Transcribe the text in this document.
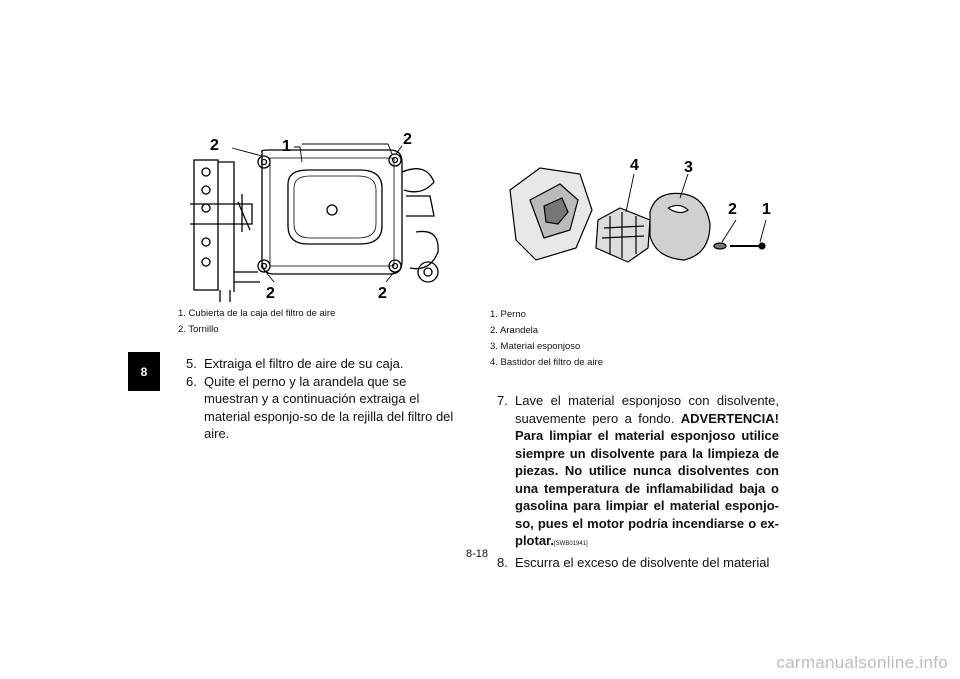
8
2	1	2
2	2
1. Cubierta de la caja del filtro de aire
2. Tornillo
4	3
2 1
1. Perno
2. Arandela
3. Material esponjoso
4. Bastidor del filtro de aire
5. Extraiga el filtro de aire de su caja.
6. Quite el perno y la arandela que se muestran y a continuación extraiga el material esponjo-so de la rejilla del filtro del aire.
7. Lave el material esponjoso con disolvente, suavemente pero a fondo. ADVERTENCIA! Para limpiar el material esponjoso utilice siempre un disolvente para la limpieza de piezas. No utilice nunca disolventes con una temperatura de inflamabilidad baja o gasolina para limpiar el material esponjo-so, pues el motor podría incendiarse o ex-plotar.[SWB01941]
8. Escurra el exceso de disolvente del material
8-18
carmanualsonline.info
